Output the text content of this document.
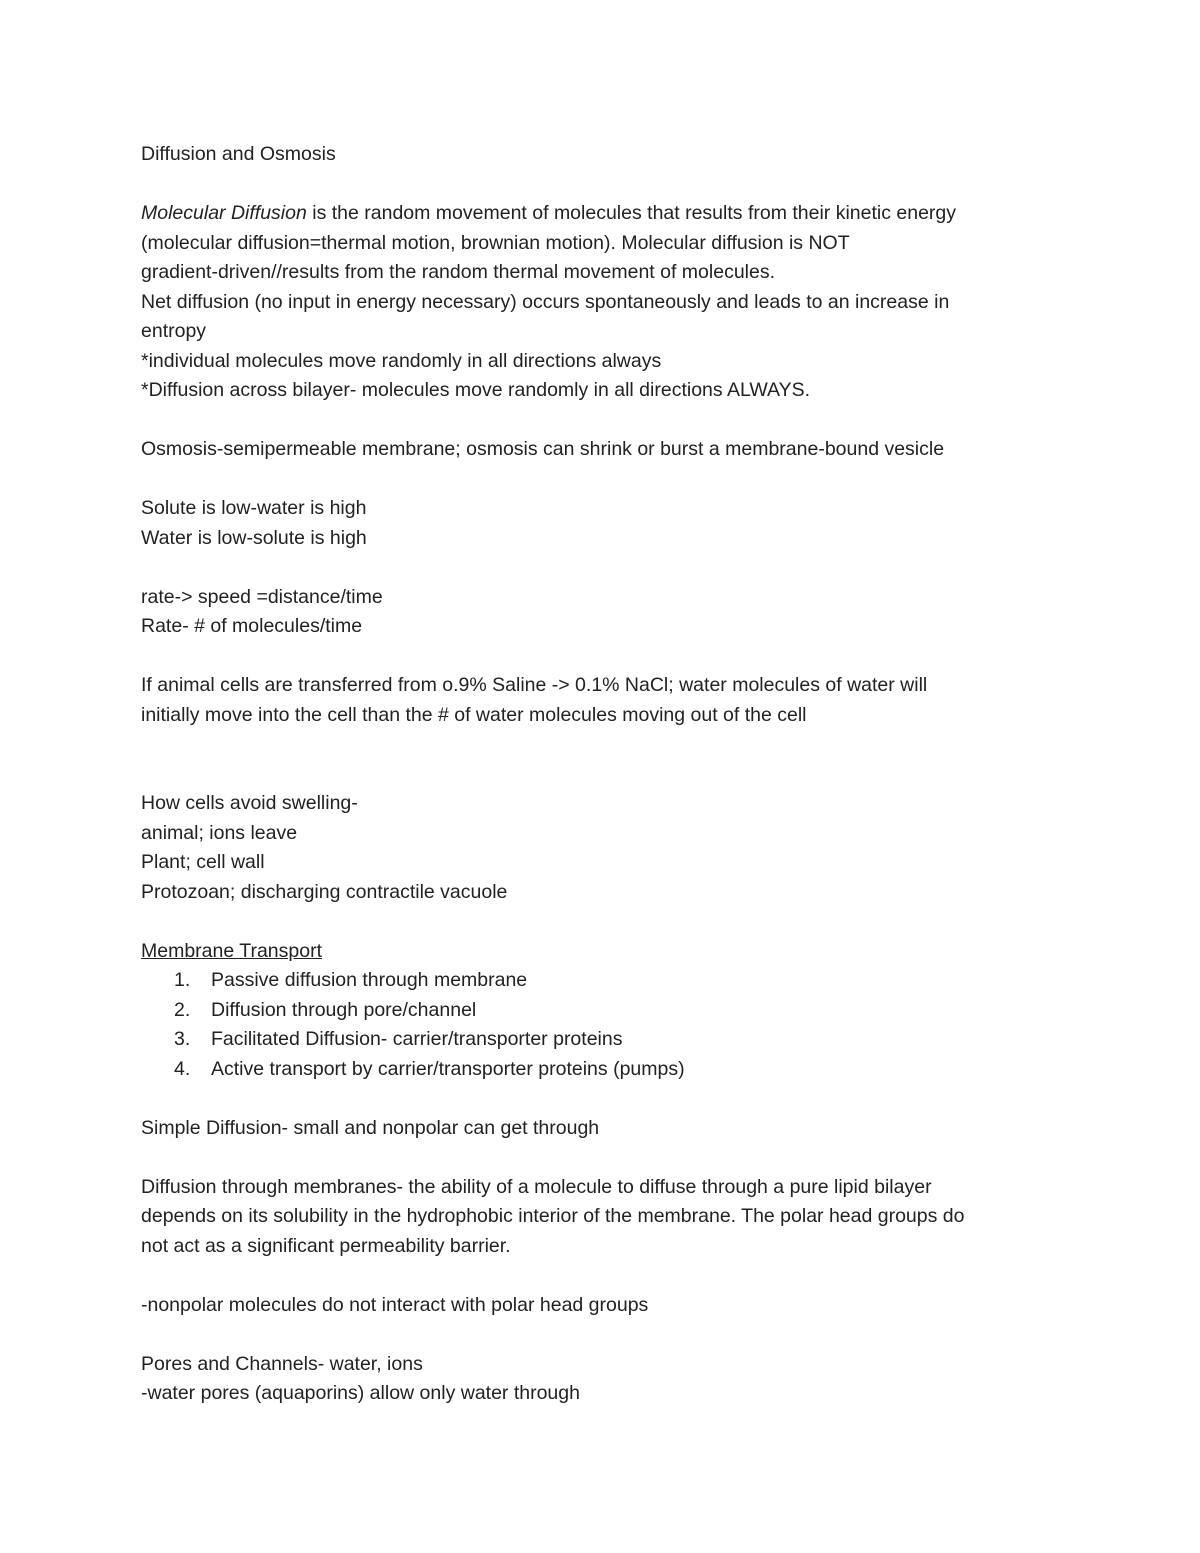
Diffusion and Osmosis
Molecular Diffusion is the random movement of molecules that results from their kinetic energy
(molecular diffusion=thermal motion, brownian motion). Molecular diffusion is NOT
gradient-driven//results from the random thermal movement of molecules.
Net diffusion (no input in energy necessary) occurs spontaneously and leads to an increase in
entropy
*individual molecules move randomly in all directions always
*Diffusion across bilayer- molecules move randomly in all directions ALWAYS.
Osmosis-semipermeable membrane; osmosis can shrink or burst a membrane-bound vesicle
Solute is low-water is high
Water is low-solute is high
rate-> speed =distance/time
Rate- # of molecules/time
If animal cells are transferred from o.9% Saline -> 0.1% NaCl; water molecules of water will
initially move into the cell than the # of water molecules moving out of the cell
How cells avoid swelling-
animal; ions leave
Plant; cell wall
Protozoan; discharging contractile vacuole
Membrane Transport
1.	Passive diffusion through membrane
2.	Diffusion through pore/channel
3.	Facilitated Diffusion- carrier/transporter proteins
4.	Active transport by carrier/transporter proteins (pumps)
Simple Diffusion- small and nonpolar can get through
Diffusion through membranes- the ability of a molecule to diffuse through a pure lipid bilayer
depends on its solubility in the hydrophobic interior of the membrane. The polar head groups do
not act as a significant permeability barrier.
-nonpolar molecules do not interact with polar head groups
Pores and Channels- water, ions
-water pores (aquaporins) allow only water through
